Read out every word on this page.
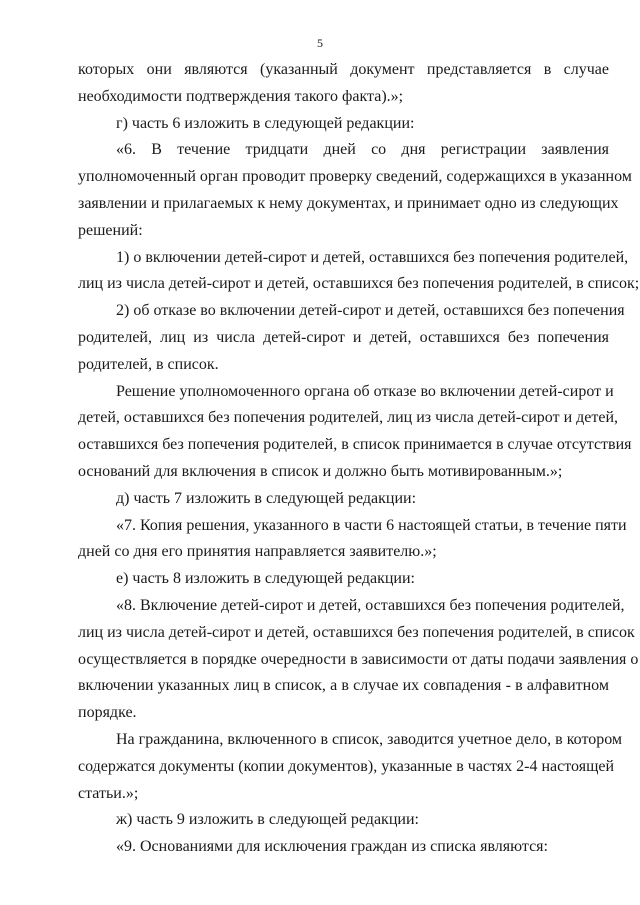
5
которых они являются (указанный документ представляется в случае
необходимости подтверждения такого факта).»;
г) часть 6 изложить в следующей редакции:
«6. В течение тридцати дней со дня регистрации заявления
уполномоченный орган проводит проверку сведений, содержащихся в указанном
заявлении и прилагаемых к нему документах, и принимает одно из следующих
решений:
1) о включении детей-сирот и детей, оставшихся без попечения родителей,
лиц из числа детей-сирот и детей, оставшихся без попечения родителей, в список;
2) об отказе во включении детей-сирот и детей, оставшихся без попечения
родителей, лиц из числа детей-сирот и детей, оставшихся без попечения
родителей, в список.
Решение уполномоченного органа об отказе во включении детей-сирот и
детей, оставшихся без попечения родителей, лиц из числа детей-сирот и детей,
оставшихся без попечения родителей, в список принимается в случае отсутствия
оснований для включения в список и должно быть мотивированным.»;
д) часть 7 изложить в следующей редакции:
«7. Копия решения, указанного в части 6 настоящей статьи, в течение пяти
дней со дня его принятия направляется заявителю.»;
е) часть 8 изложить в следующей редакции:
«8. Включение детей-сирот и детей, оставшихся без попечения родителей,
лиц из числа детей-сирот и детей, оставшихся без попечения родителей, в список
осуществляется в порядке очередности в зависимости от даты подачи заявления о
включении указанных лиц в список, а в случае их совпадения - в алфавитном
порядке.
На гражданина, включенного в список, заводится учетное дело, в котором
содержатся документы (копии документов), указанные в частях 2-4 настоящей
статьи.»;
ж) часть 9 изложить в следующей редакции:
«9. Основаниями для исключения граждан из списка являются:
